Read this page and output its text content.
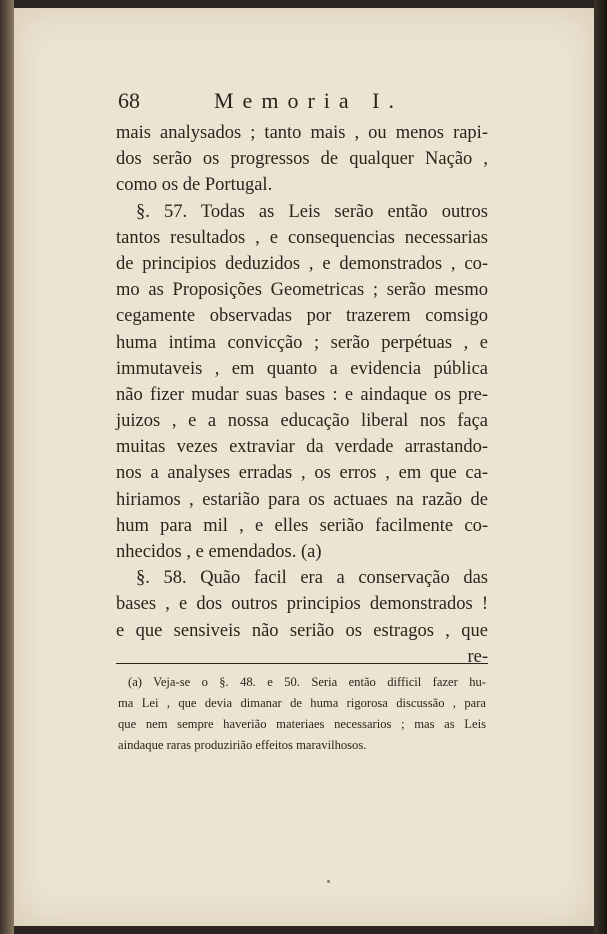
68	Memoria I.
mais analysados ; tanto mais , ou menos rapi-
dos serão os progressos de qualquer Nação ,
como os de Portugal.
§. 57. Todas as Leis serão então outros
tantos resultados , e consequencias necessarias
de principios deduzidos , e demonstrados , co-
mo as Proposições Geometricas ; serão mesmo
cegamente observadas por trazerem comsigo
huma intima convicção ; serão perpétuas , e
immutaveis , em quanto a evidencia pública
não fizer mudar suas bases : e aindaque os pre-
juizos , e a nossa educação liberal nos faça
muitas vezes extraviar da verdade arrastando-
nos a analyses erradas , os erros , em que ca-
hiriamos , estarião para os actuaes na razão de
hum para mil , e elles serião facilmente co-
nhecidos , e emendados. (a)
§. 58. Quão facil era a conservação das
bases , e dos outros principios demonstrados !
e que sensiveis não serião os estragos , que
re-
(a) Veja-se o §. 48. e 50. Seria então difficil fazer hu-
ma Lei , que devia dimanar de huma rigorosa discussão , para
que nem sempre haverião materiaes necessarios ; mas as Leis
aindaque raras produzirião effeitos maravilhosos.
